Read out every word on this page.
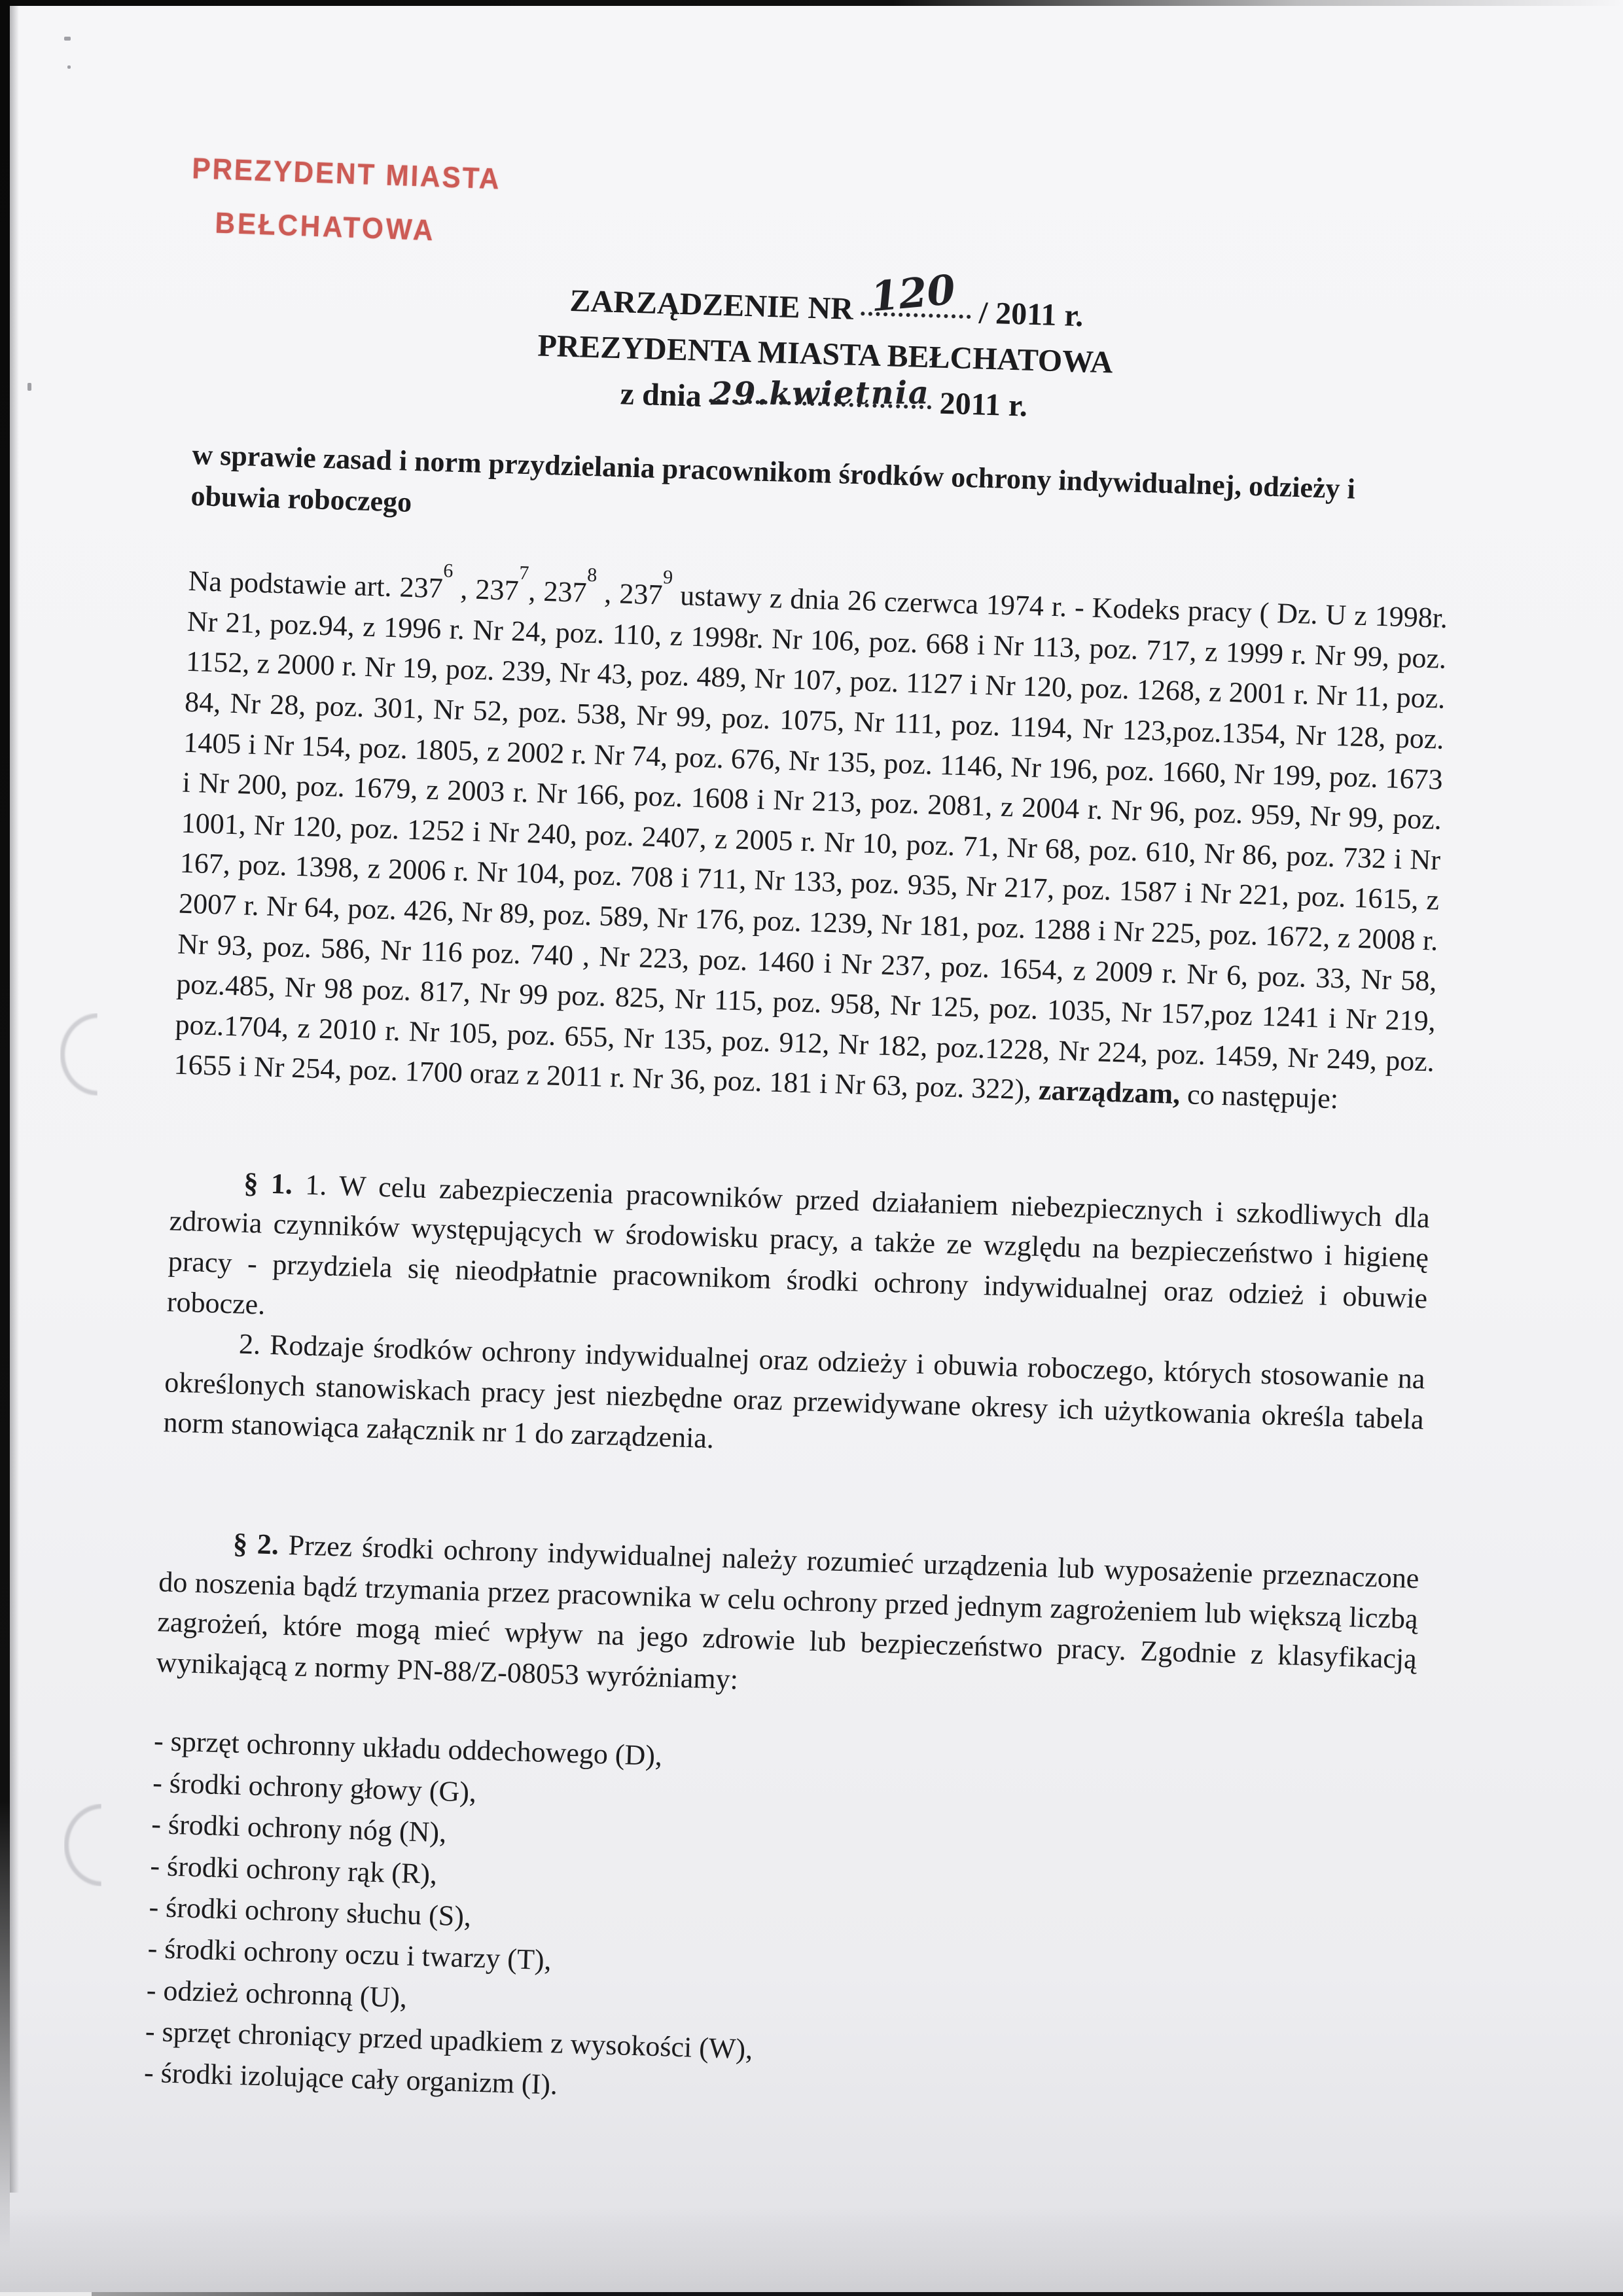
PREZYDENT MIASTA
BEŁCHATOWA
ZARZĄDZENIE NR 120 / 2011 r.
PREZYDENTA MIASTA BEŁCHATOWA
z dnia 29.kwietnia 2011 r.
w sprawie zasad i norm przydzielania pracownikom środków ochrony indywidualnej, odzieży i obuwia roboczego

Na podstawie art. $237^6$ , $237^7$, $237^8$ , $237^9$ ustawy z dnia 26 czerwca 1974 r. - Kodeks pracy ( Dz. U z 1998r. Nr 21, poz.94, z 1996 r. Nr 24, poz. 110, z 1998r. Nr 106, poz. 668 i Nr 113, poz. 717, z 1999 r. Nr 99, poz. 1152, z 2000 r. Nr 19, poz. 239, Nr 43, poz. 489, Nr 107, poz. 1127 i Nr 120, poz. 1268, z 2001 r. Nr 11, poz. 84, Nr 28, poz. 301, Nr 52, poz. 538, Nr 99, poz. 1075, Nr 111, poz. 1194, Nr 123,poz.1354, Nr 128, poz. 1405 i Nr 154, poz. 1805, z 2002 r. Nr 74, poz. 676, Nr 135, poz. 1146, Nr 196, poz. 1660, Nr 199, poz. 1673 i Nr 200, poz. 1679, z 2003 r. Nr 166, poz. 1608 i Nr 213, poz. 2081, z 2004 r. Nr 96, poz. 959, Nr 99, poz. 1001, Nr 120, poz. 1252 i Nr 240, poz. 2407, z 2005 r. Nr 10, poz. 71, Nr 68, poz. 610, Nr 86, poz. 732 i Nr 167, poz. 1398, z 2006 r. Nr 104, poz. 708 i 711, Nr 133, poz. 935, Nr 217, poz. 1587 i Nr 221, poz. 1615, z 2007 r. Nr 64, poz. 426, Nr 89, poz. 589, Nr 176, poz. 1239, Nr 181, poz. 1288 i Nr 225, poz. 1672, z 2008 r. Nr 93, poz. 586, Nr 116 poz. 740 , Nr 223, poz. 1460 i Nr 237, poz. 1654, z 2009 r. Nr 6, poz. 33, Nr 58, poz.485, Nr 98 poz. 817, Nr 99 poz. 825, Nr 115, poz. 958, Nr 125, poz. 1035, Nr 157,poz 1241 i Nr 219, poz.1704, z 2010 r. Nr 105, poz. 655, Nr 135, poz. 912, Nr 182, poz.1228, Nr 224, poz. 1459, Nr 249, poz. 1655 i Nr 254, poz. 1700 oraz z 2011 r. Nr 36, poz. 181 i Nr 63, poz. 322), zarządzam, co następuje:

§ 1. 1. W celu zabezpieczenia pracowników przed działaniem niebezpiecznych i szkodliwych dla zdrowia czynników występujących w środowisku pracy, a także ze względu na bezpieczeństwo i higienę pracy - przydziela się nieodpłatnie pracownikom środki ochrony indywidualnej oraz odzież i obuwie robocze.

2. Rodzaje środków ochrony indywidualnej oraz odzieży i obuwia roboczego, których stosowanie na określonych stanowiskach pracy jest niezbędne oraz przewidywane okresy ich użytkowania określa tabela norm stanowiąca załącznik nr 1 do zarządzenia.

§ 2. Przez środki ochrony indywidualnej należy rozumieć urządzenia lub wyposażenie przeznaczone do noszenia bądź trzymania przez pracownika w celu ochrony przed jednym zagrożeniem lub większą liczbą zagrożeń, które mogą mieć wpływ na jego zdrowie lub bezpieczeństwo pracy. Zgodnie z klasyfikacją wynikającą z normy PN-88/Z-08053 wyróżniamy:

- sprzęt ochronny układu oddechowego (D),
- środki ochrony głowy (G),
- środki ochrony nóg (N),
- środki ochrony rąk (R),
- środki ochrony słuchu (S),
- środki ochrony oczu i twarzy (T),
- odzież ochronną (U),
- sprzęt chroniący przed upadkiem z wysokości (W),
- środki izolujące cały organizm (I).
